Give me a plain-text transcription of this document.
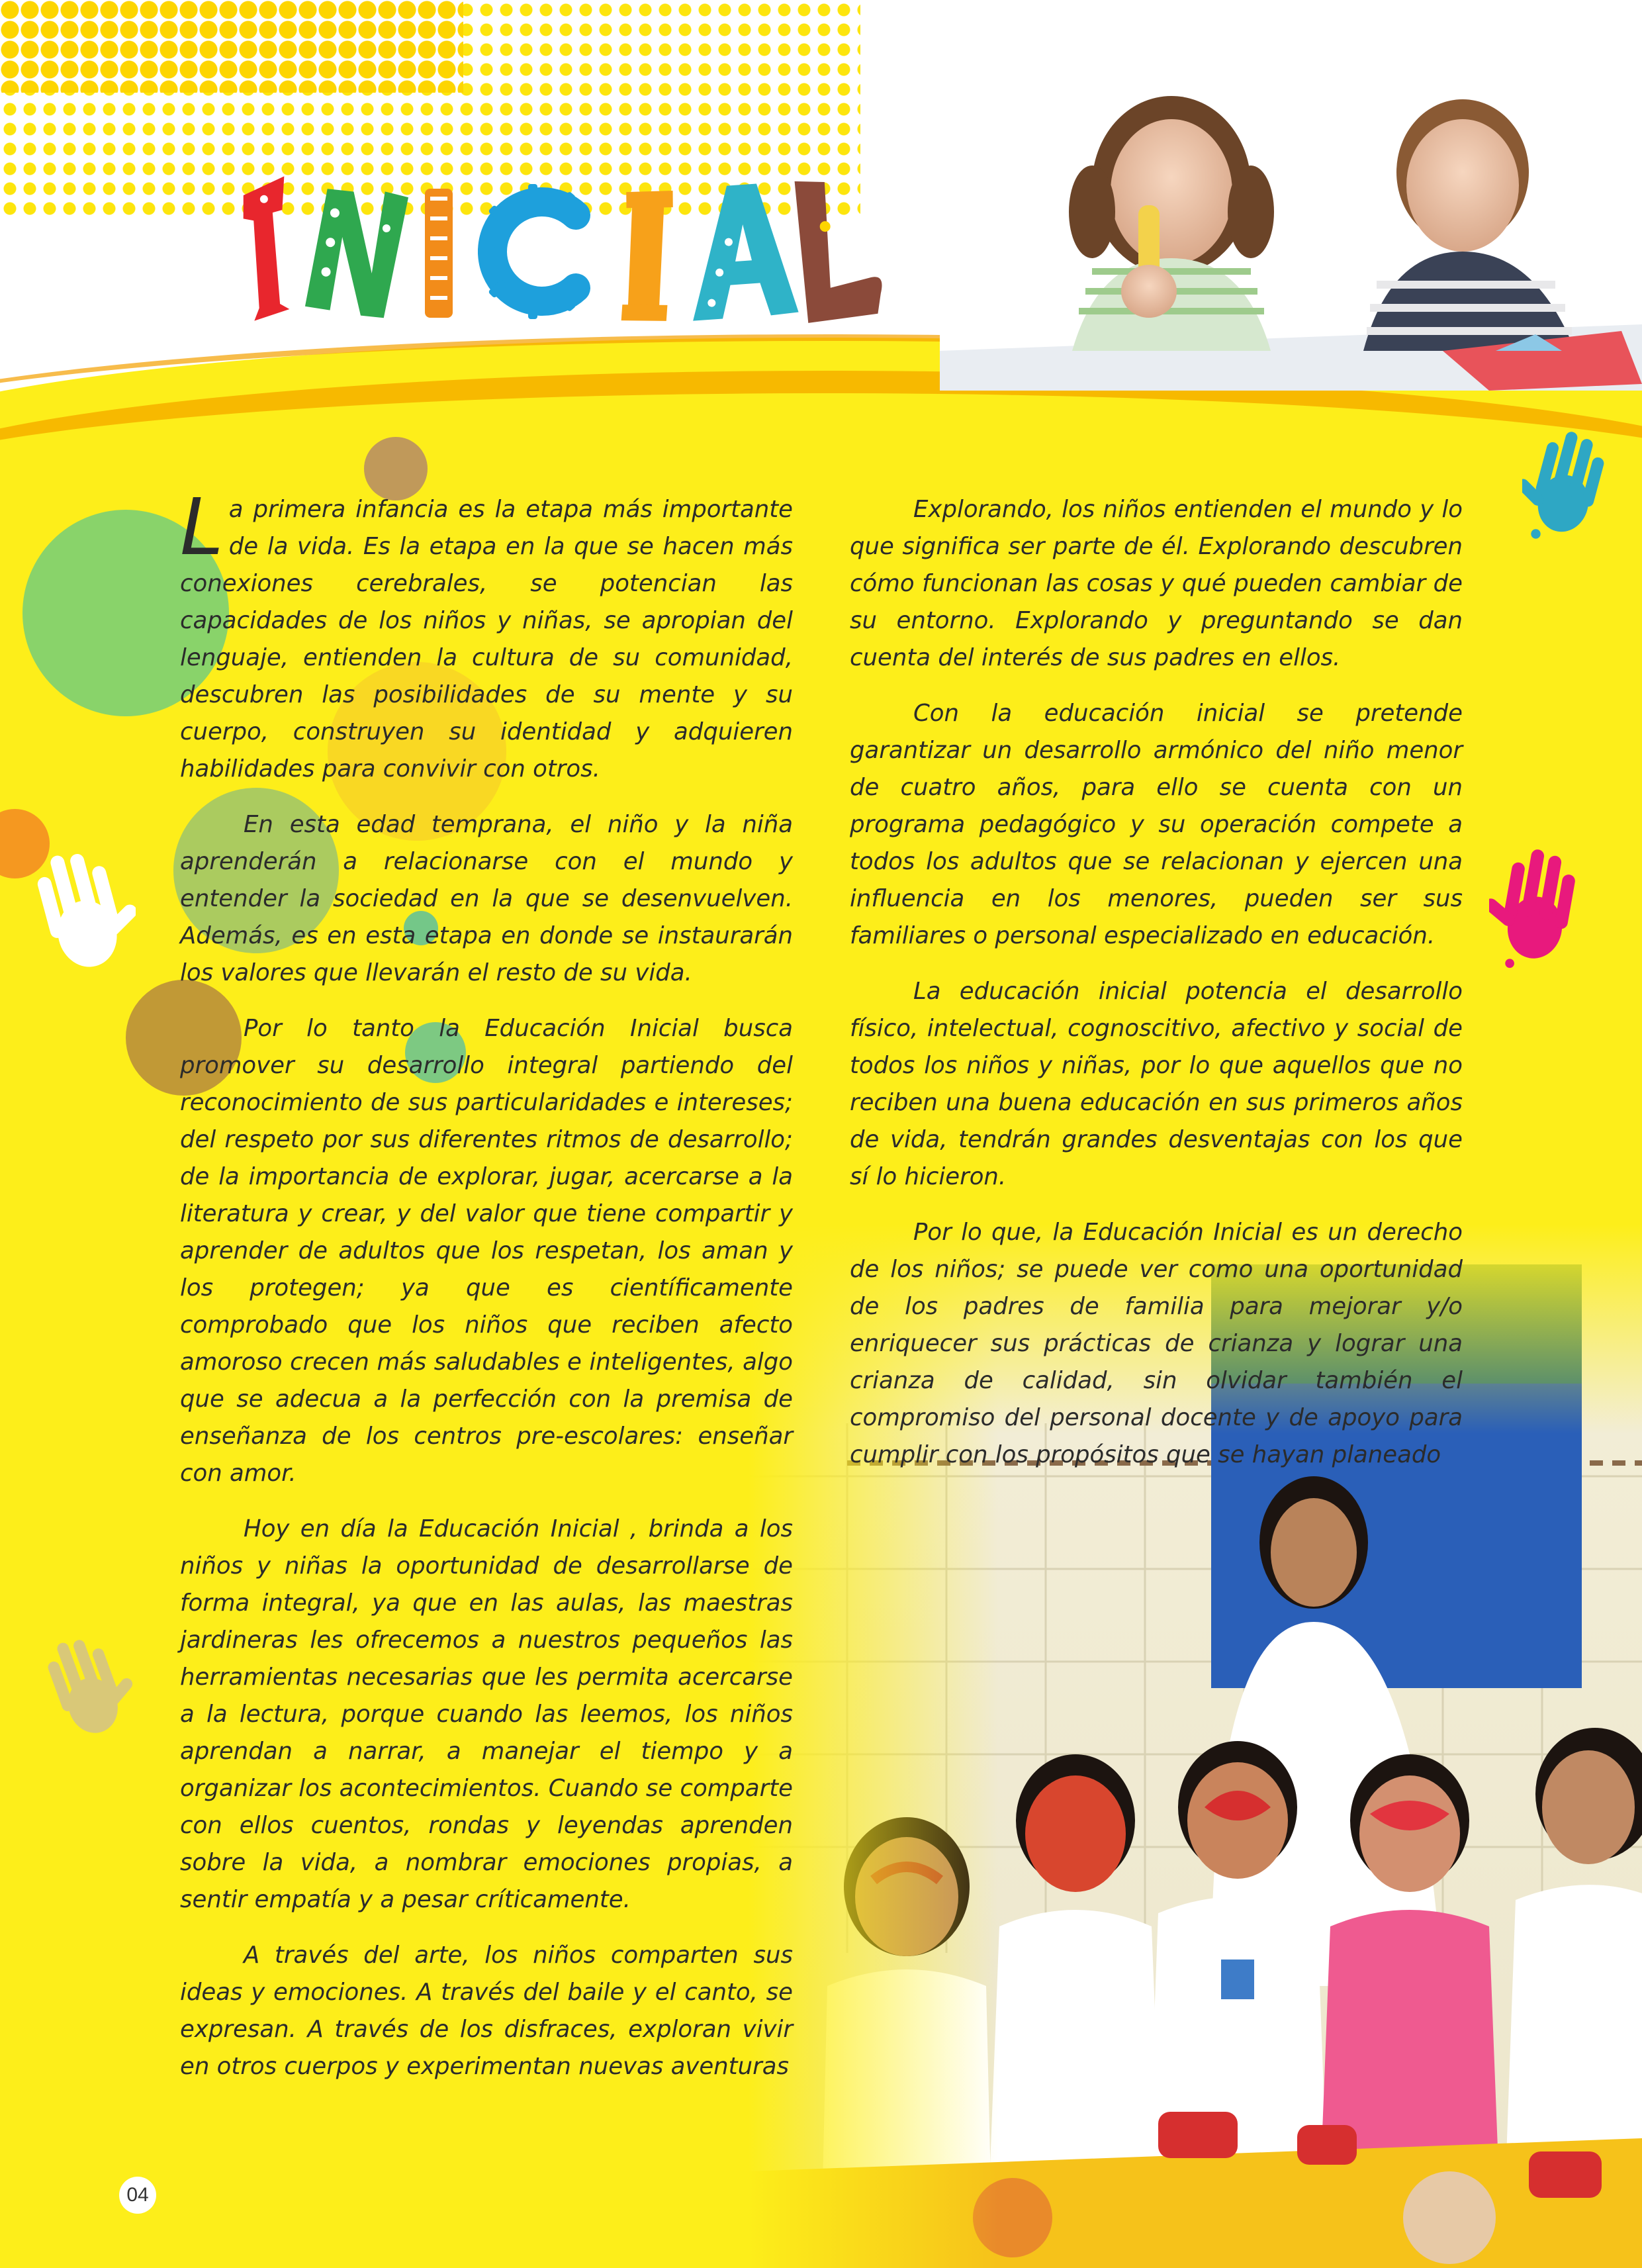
La primera infancia es la etapa más importante de la vida. Es la etapa en la que se hacen más conexiones cerebrales, se potencian las capacidades de los niños y niñas, se apropian del lenguaje, entienden la cultura de su comunidad, descubren las posibilidades de su mente y su cuerpo, construyen su identidad y adquieren habilidades para convivir con otros.

En esta edad temprana, el niño y la niña aprenderán a relacionarse con el mundo y entender la sociedad en la que se desenvuelven. Además, es en esta etapa en donde se instaurarán los valores que llevarán el resto de su vida.

Por lo tanto la Educación Inicial busca promover su desarrollo integral partiendo del reconocimiento de sus particularidades e intereses; del respeto por sus diferentes ritmos de desarrollo; de la importancia de explorar, jugar, acercarse a la literatura y crear, y del valor que tiene compartir y aprender de adultos que los respetan, los aman y los protegen; ya que es científicamente comprobado que los niños que reciben afecto amoroso crecen más saludables e inteligentes, algo que se adecua a la perfección con la premisa de enseñanza de los centros pre-escolares: enseñar con amor.

Hoy en día la Educación Inicial , brinda a los niños y niñas la oportunidad de desarrollarse de forma integral, ya que en las aulas, las maestras jardineras les ofrecemos a nuestros pequeños las herramientas necesarias que les permita acercarse a la lectura, porque cuando las leemos, los niños aprendan a narrar, a manejar el tiempo y a organizar los acontecimientos. Cuando se comparte con ellos cuentos, rondas y leyendas aprenden sobre la vida, a nombrar emociones propias, a sentir empatía y a pesar críticamente.

A través del arte, los niños comparten sus ideas y emociones. A través del baile y el canto, se expresan. A través de los disfraces, exploran vivir en otros cuerpos y experimentan nuevas aventuras

Explorando, los niños entienden el mundo y lo que significa ser parte de él. Explorando descubren cómo funcionan las cosas y qué pueden cambiar de su entorno. Explorando y preguntando se dan cuenta del interés de sus padres en ellos.

Con la educación inicial se pretende garantizar un desarrollo armónico del niño menor de cuatro años, para ello se cuenta con un programa pedagógico y su operación compete a todos los adultos que se relacionan y ejercen una influencia en los menores, pueden ser sus familiares o personal especializado en educación.

La educación inicial potencia el desarrollo físico, intelectual, cognoscitivo, afectivo y social de todos los niños y niñas, por lo que aquellos que no reciben una buena educación en sus primeros años de vida, tendrán grandes desventajas con los que sí lo hicieron.

Por lo que, la Educación Inicial es un derecho de los niños; se puede ver como una oportunidad de los padres de familia para mejorar y/o enriquecer sus prácticas de crianza y lograr una crianza de calidad, sin olvidar también el compromiso del personal docente y de apoyo para cumplir con los propósitos que se hayan planeado

04
